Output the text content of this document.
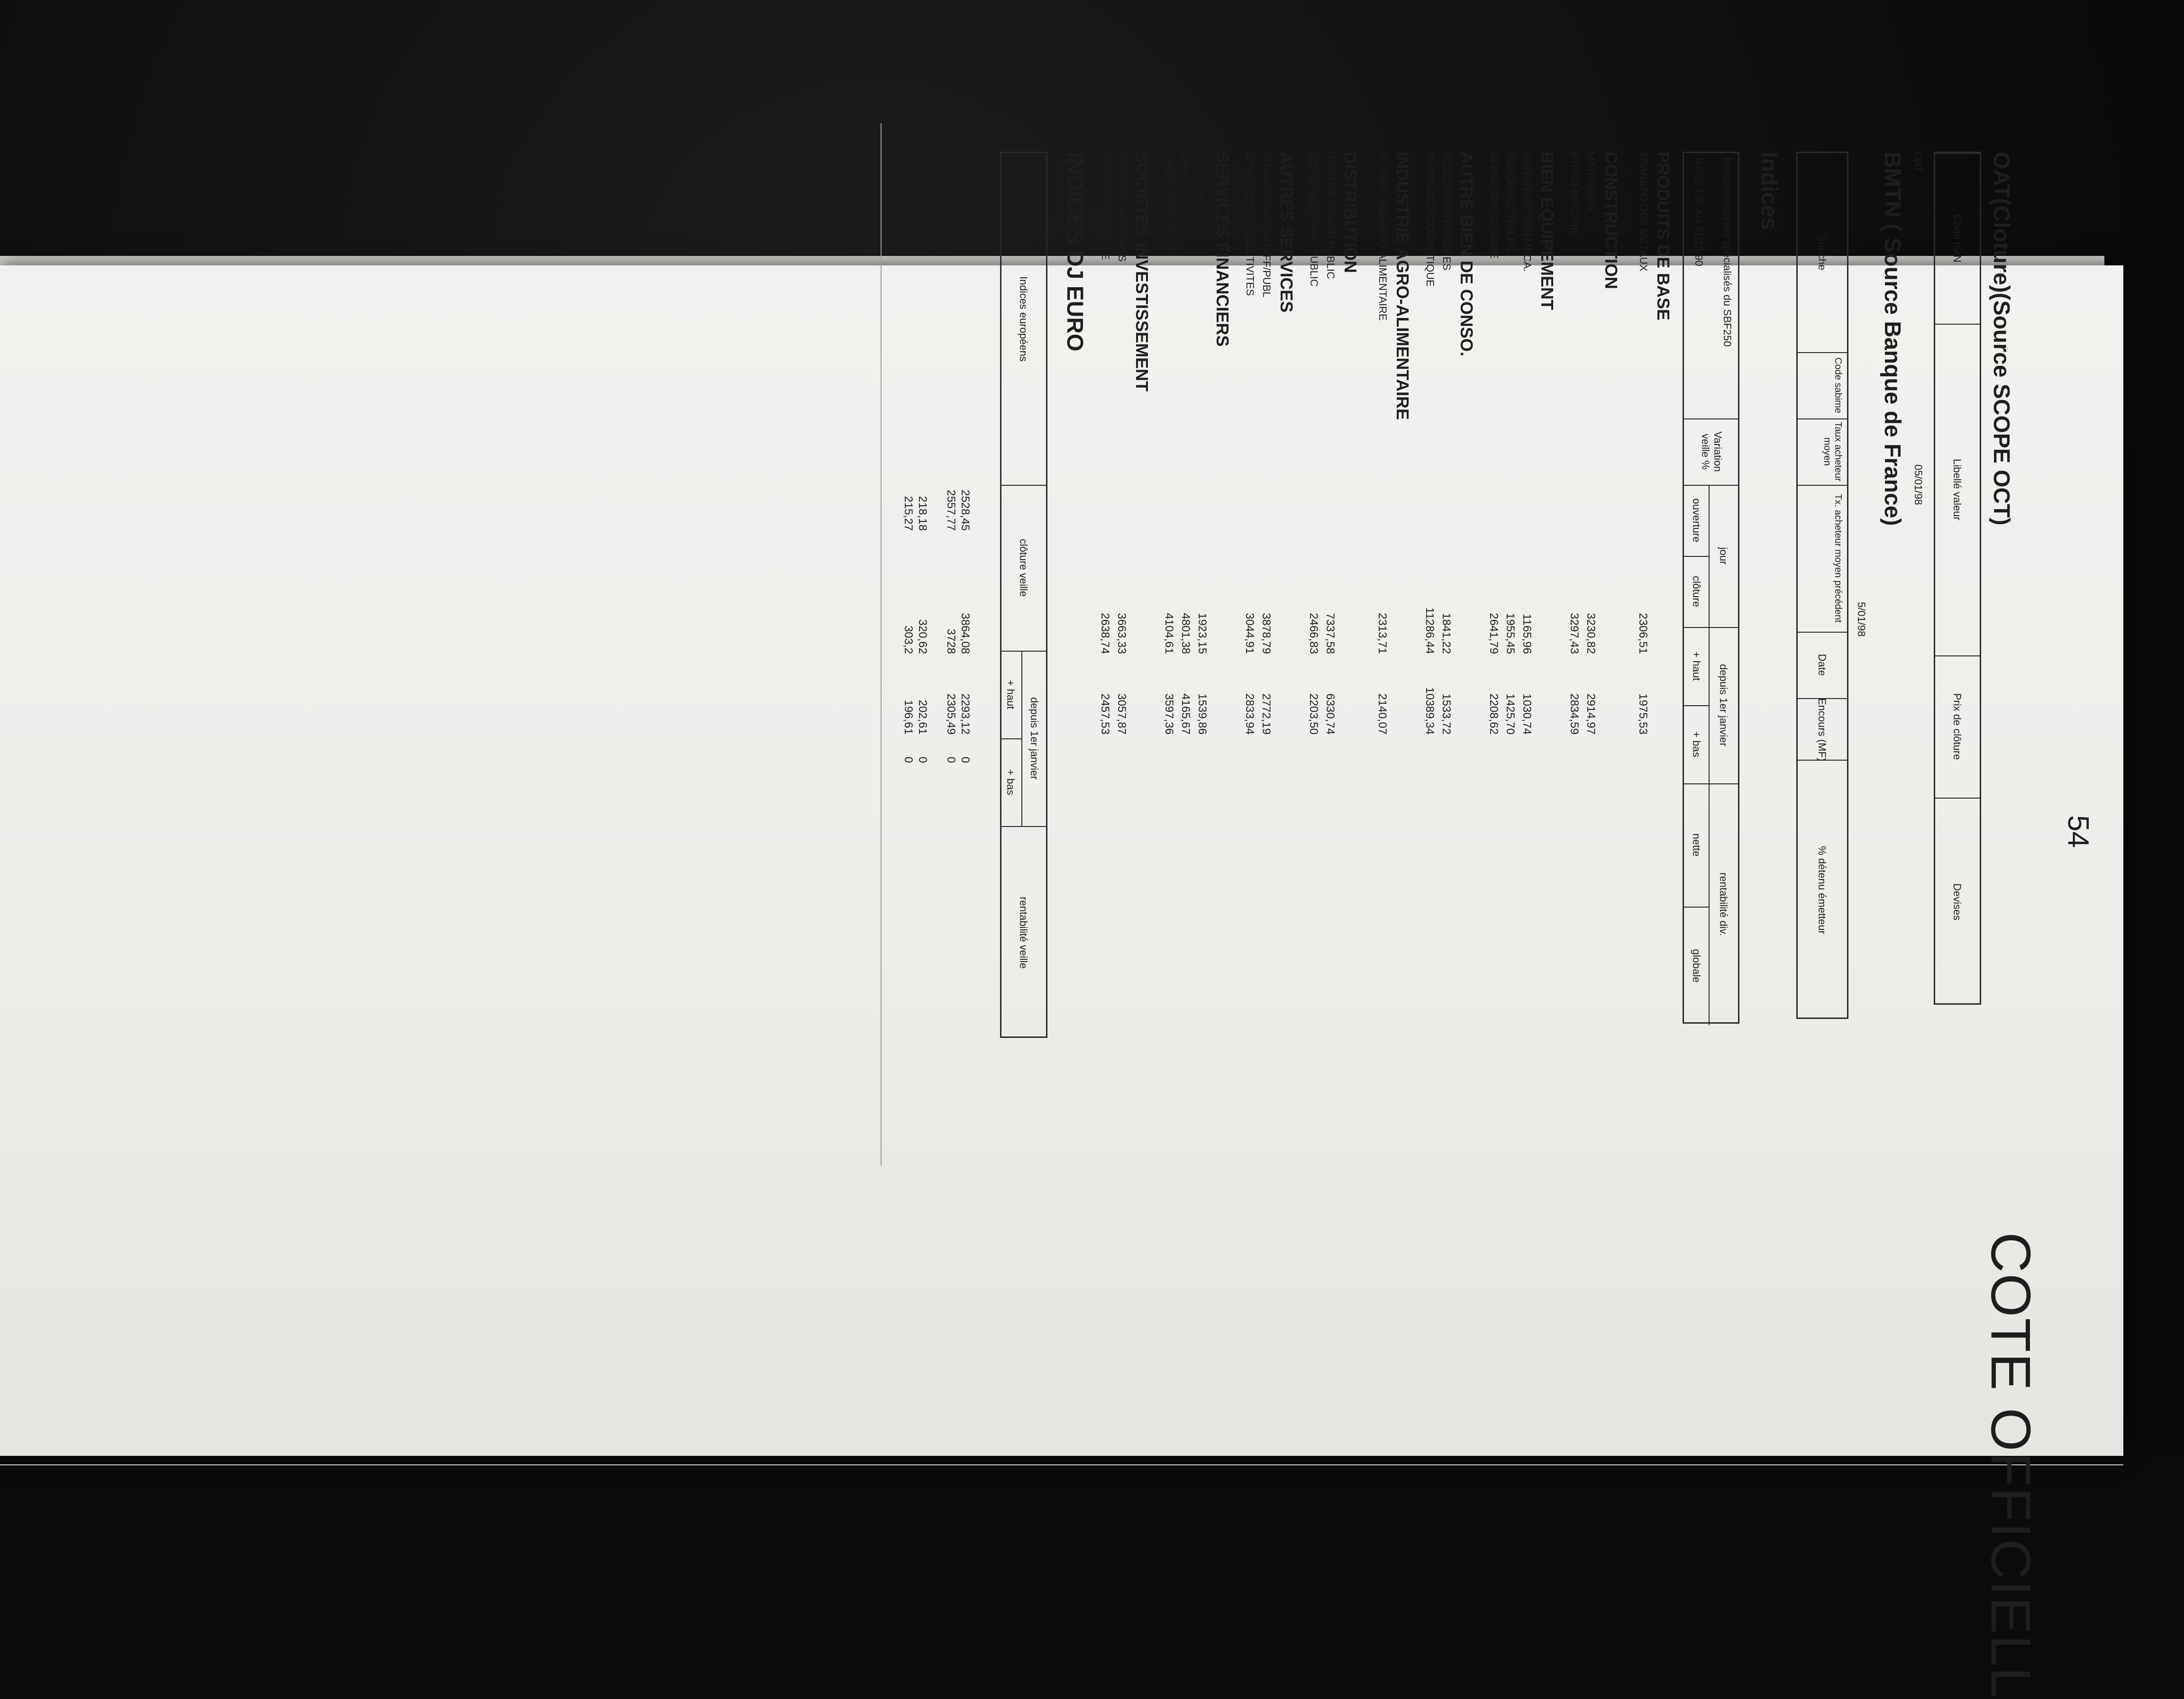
54
COTE OFFICIELL
OAT(Cloture)(Source SCOPE OCT)
Code ISIN
Libellé valeur
Prix de clôture
Devises
OAT
05/01/98
BMTN ( Source Banque de France)
5/01/98
Souche
Code sabime
Taux acheteur moyen
Tx. acheteur moyen précédent
Date
Encours (MF)
% détenu émetteur
Indices
Indices sectoriels spécialisés du SBF250
BASE 100 AU 31/12/90
Variation veille %
jour
ouverture
clôture
depuis 1er janvier
+ haut
+ bas
rentabilité div.
nette
globale
PRODUITS DE BASE
TRANSFO.DES METAUX
2306,51
1975,53
CONSTRUCTION
MATERIAUX
BTP/GENIE CIVIL
3230,82
2914,97
3297,43
2834,59
BIEN EQUIPEMENT
CONSTRUCTION MECA.
ELEC/ELECT/TELEC.
AERO/ESPACE/ARME
1165,96
1030,74
1955,45
1425,70
2641,79
2208,62
AUTRE BIEN DE CONSO.
EQUI.DOMEST/PROFES
PHARMACIE/COSMETIQUE
1841,22
1533,72
11286,44
10389,34
INDUSTRIE AGRO-ALIMENTAIRE
AUTRES IND.AGRO-ALIMENTAIRE
2313,71
2140,07
DISTRIBUTION
DIST.GLE GRAND PUBLIC
DIST.SPEC.GRAND PUBLIC
7337,58
6330,74
2466,83
2203,50
AUTRES SERVICES
COMMUNICATION DIFF/PUBL
ENV/RSCES COLLECTIVITES
3878,79
2772,19
3044,91
2833,94
SERVICES FINANCIERS
ASSURANCES
BANQUES
CREDIT SPECIALISE
1923,15
1539,86
4801,38
4165,67
4104,61
3597,36
SOCIETES INVESTISSEMENT
SOCIETES HOLDINGS
STES PORTEFEUILLE
3663,33
3057,87
2638,74
2457,53
INDICES DJ EURO
Indices européens
clôture veille
depuis 1er janvier
+ haut
+ bas
rentabilité veille
BASE 1000 31-12-91
DJ STOXX 50 E
DJ STOXX 50
BASE 1000 31-12-91
DJ STOXX E
DJ STOXX
2528,45
2557,77
218,18
215,27
3864,08
3728
320,62
303,2
2293,12
2305,49
202,61
196,61
0
0
0
0
